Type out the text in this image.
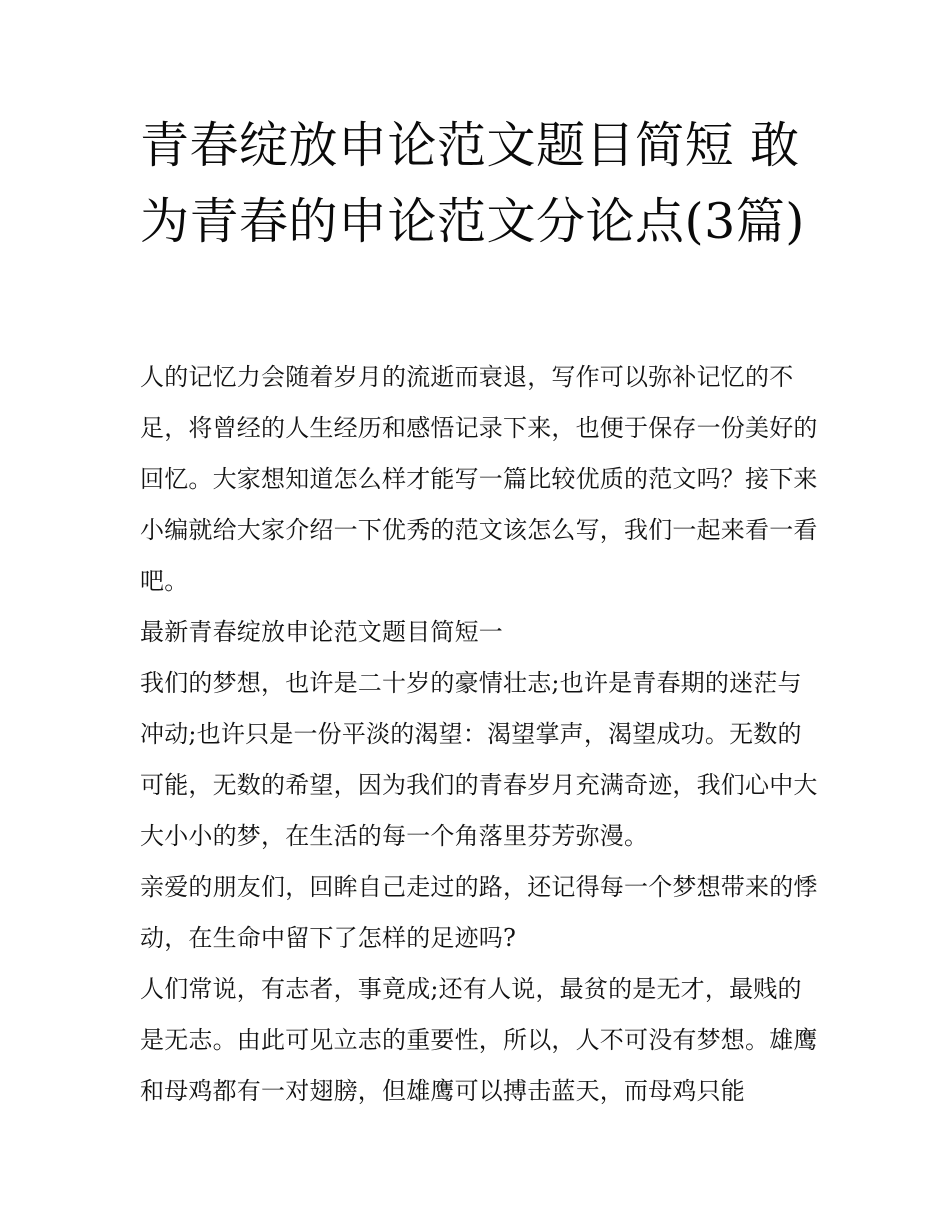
青春绽放申论范文题目简短 敢为青春的申论范文分论点(3篇)

人的记忆力会随着岁月的流逝而衰退，写作可以弥补记忆的不足，将曾经的人生经历和感悟记录下来，也便于保存一份美好的回忆。大家想知道怎么样才能写一篇比较优质的范文吗？接下来小编就给大家介绍一下优秀的范文该怎么写，我们一起来看一看吧。

最新青春绽放申论范文题目简短一

我们的梦想，也许是二十岁的豪情壮志;也许是青春期的迷茫与冲动;也许只是一份平淡的渴望：渴望掌声，渴望成功。无数的可能，无数的希望，因为我们的青春岁月充满奇迹，我们心中大大小小的梦，在生活的每一个角落里芬芳弥漫。

亲爱的朋友们，回眸自己走过的路，还记得每一个梦想带来的悸动，在生命中留下了怎样的足迹吗?

人们常说，有志者，事竟成;还有人说，最贫的是无才，最贱的是无志。由此可见立志的重要性，所以，人不可没有梦想。雄鹰和母鸡都有一对翅膀，但雄鹰可以搏击蓝天，而母鸡只能
